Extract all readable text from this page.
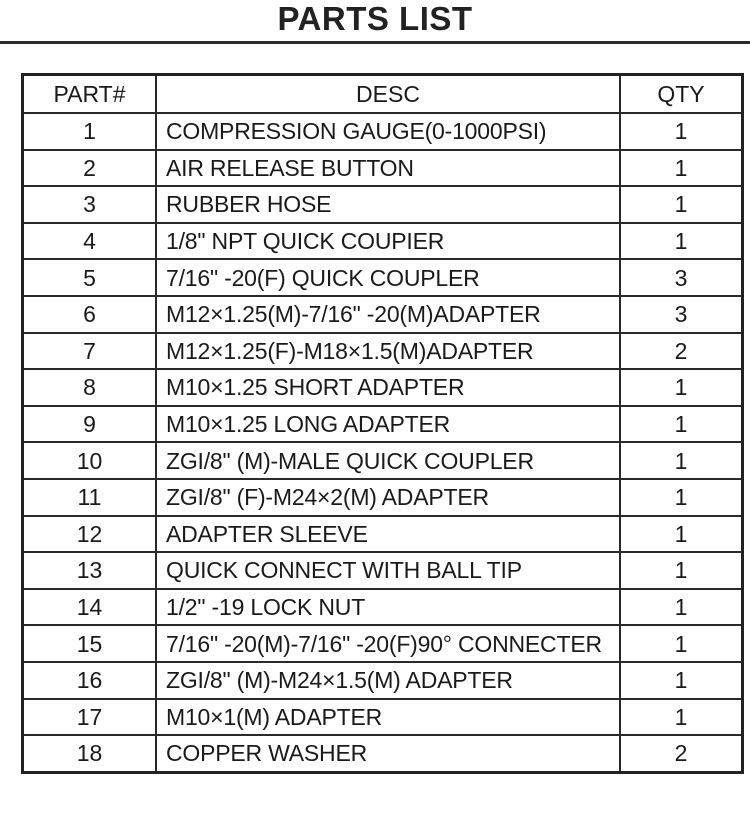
PARTS LIST
PART#	DESC	QTY
1	COMPRESSION GAUGE(0-1000PSI)	1
2	AIR RELEASE BUTTON	1
3	RUBBER HOSE	1
4	1/8" NPT QUICK COUPIER	1
5	7/16" -20(F) QUICK COUPLER	3
6	M12×1.25(M)-7/16" -20(M)ADAPTER	3
7	M12×1.25(F)-M18×1.5(M)ADAPTER	2
8	M10×1.25 SHORT ADAPTER	1
9	M10×1.25 LONG ADAPTER	1
10	ZGI/8" (M)-MALE QUICK COUPLER	1
11	ZGI/8" (F)-M24×2(M) ADAPTER	1
12	ADAPTER SLEEVE	1
13	QUICK CONNECT WITH BALL TIP	1
14	1/2" -19 LOCK NUT	1
15	7/16" -20(M)-7/16" -20(F)90° CONNECTER	1
16	ZGI/8" (M)-M24×1.5(M) ADAPTER	1
17	M10×1(M) ADAPTER	1
18	COPPER WASHER	2
